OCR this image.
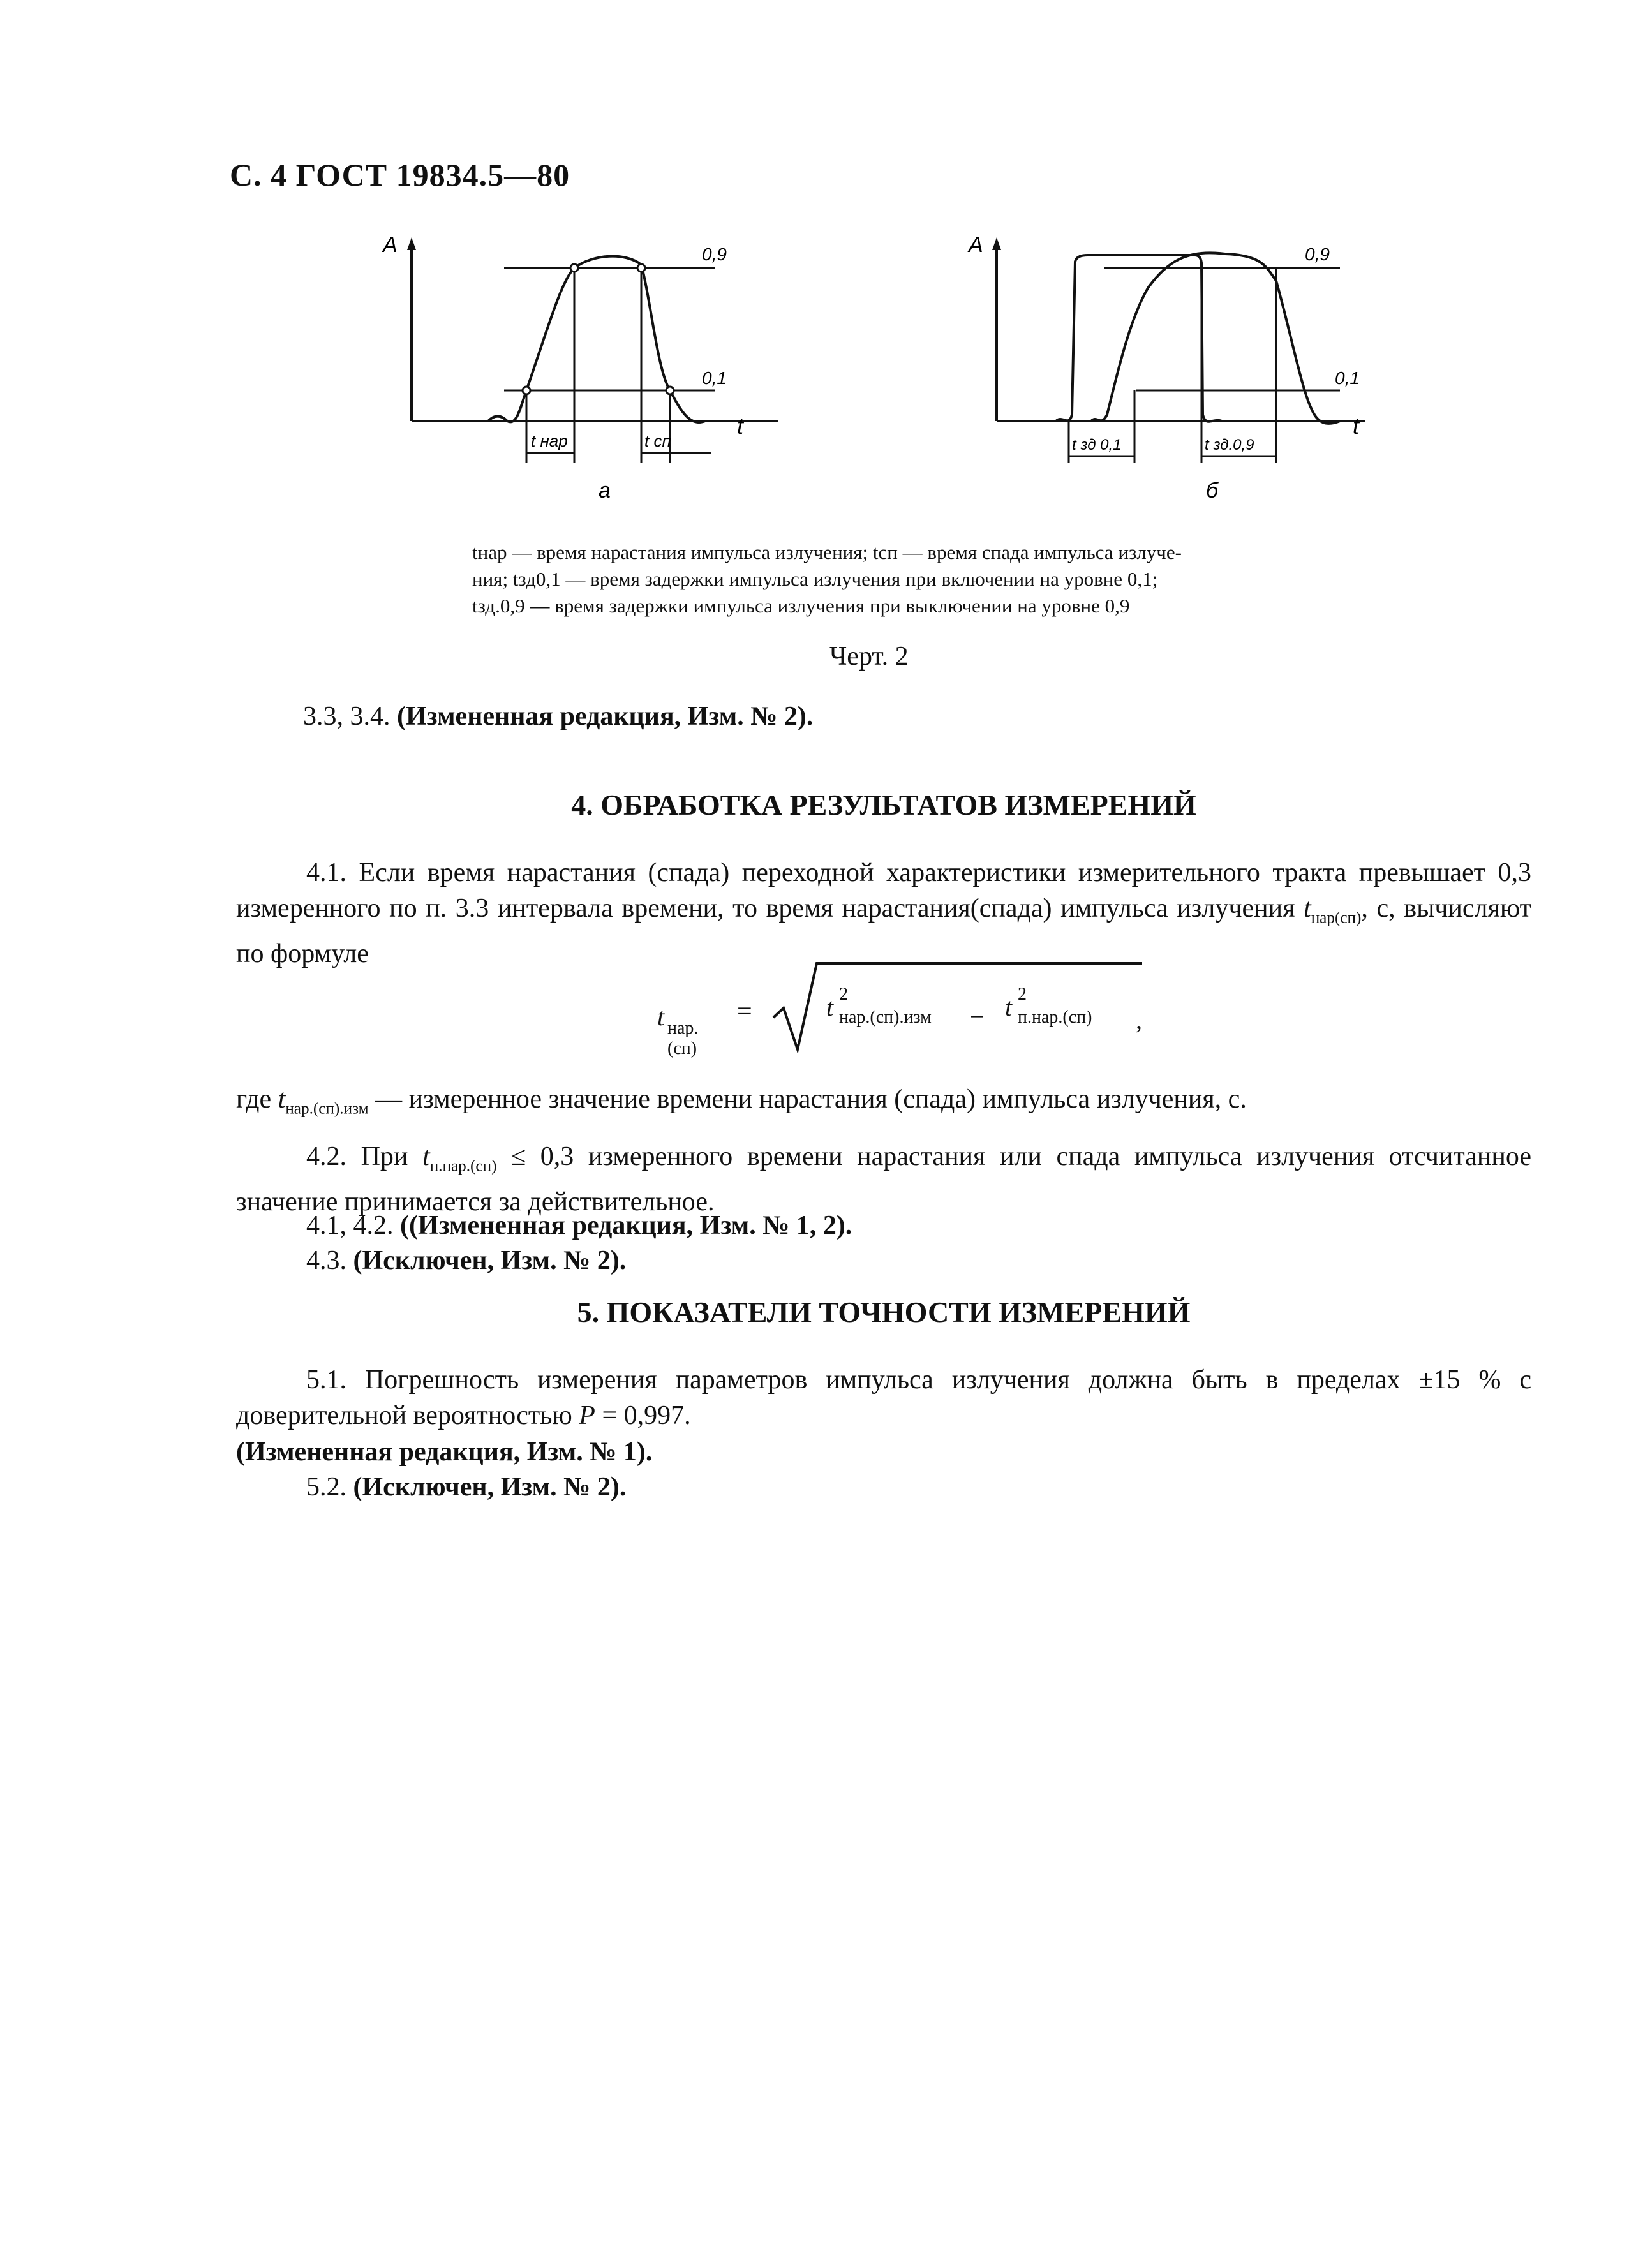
С. 4 ГОСТ 19834.5—80
А
t
0,9
0,1
t нар	t сп
а
А
t
0,9
0,1
t зд 0,1	t зд.0,9
б
tнар — время нарастания импульса излучения; tсп — время спада импульса излуче-
ния; tзд0,1 — время задержки импульса излучения при включении на уровне 0,1;
tзд.0,9 — время задержки импульса излучения при выключении на уровне 0,9
Черт. 2
3.3, 3.4. (Измененная редакция, Изм. № 2).
4. ОБРАБОТКА РЕЗУЛЬТАТОВ ИЗМЕРЕНИЙ
4.1. Если время нарастания (спада) переходной характеристики измерительного тракта превышает 0,3 измеренного по п. 3.3 интервала времени, то время нарастания(спада) импульса излучения $t_{нар(сп)}$, с, вычисляют по формуле
t нар.(сп)
=	t 2
нар.(сп).изм − t 2
п.нар.(сп) ,
где $t_{нар.(сп).изм}$ — измеренное значение времени нарастания (спада) импульса излучения, с.
4.2. При $t_{п.нар.(сп)} \le 0,3$ измеренного времени нарастания или спада импульса излучения отсчитанное значение принимается за действительное.
4.1, 4.2. ((Измененная редакция, Изм. № 1, 2).
4.3. (Исключен, Изм. № 2).
5. ПОКАЗАТЕЛИ ТОЧНОСТИ ИЗМЕРЕНИЙ
5.1. Погрешность измерения параметров импульса излучения должна быть в пределах ±15 % с доверительной вероятностью P = 0,997.
(Измененная редакция, Изм. № 1).
5.2. (Исключен, Изм. № 2).
